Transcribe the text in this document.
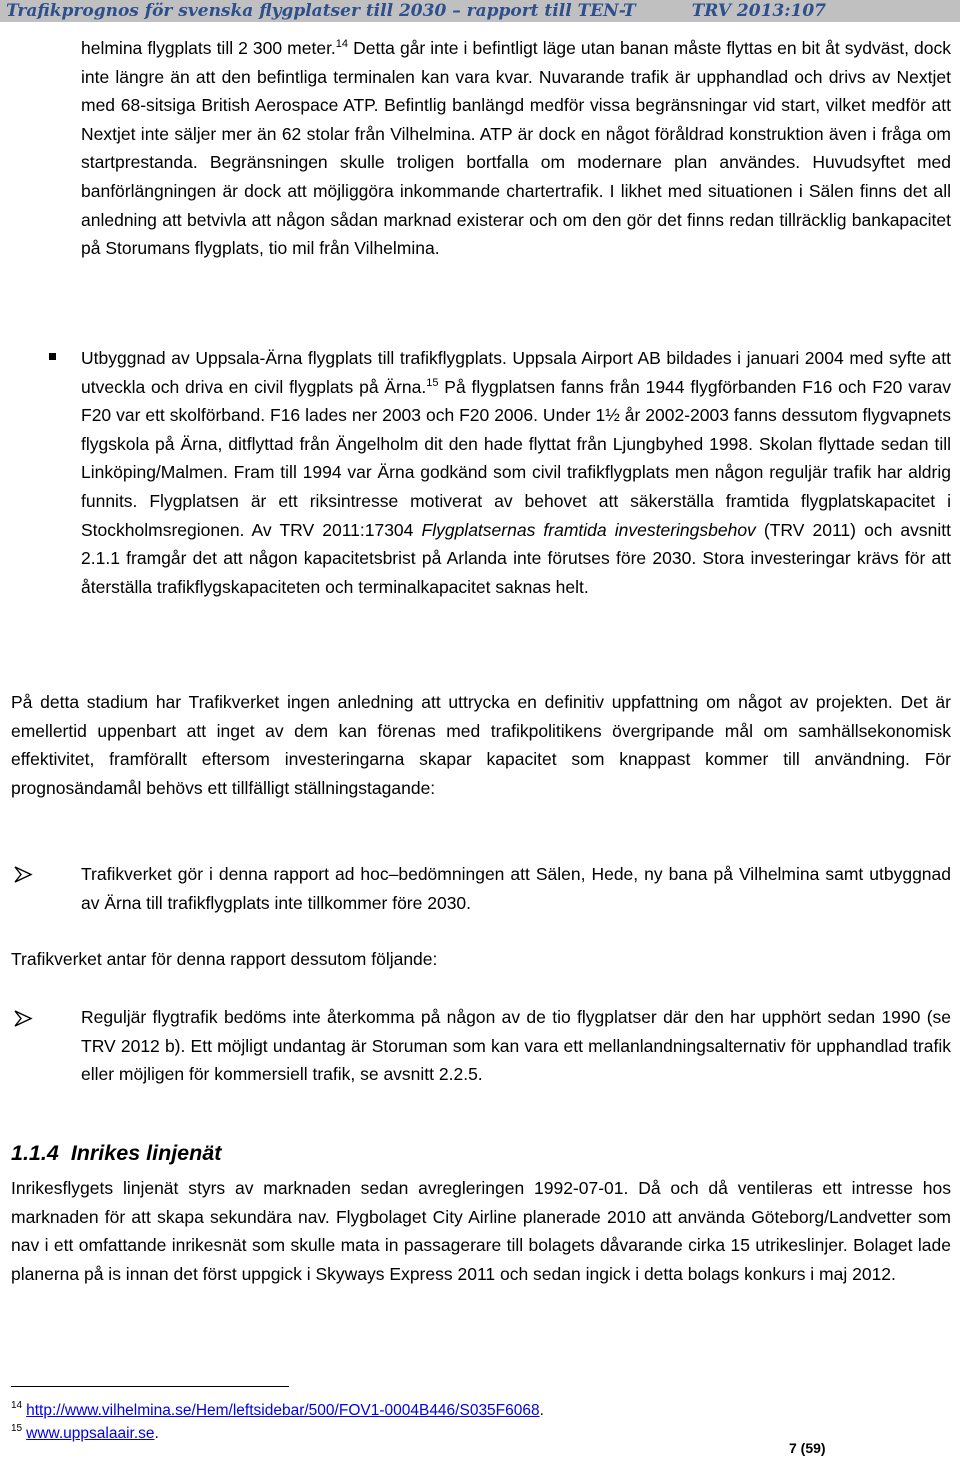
Trafikprognos för svenska flygplatser till 2030 – rapport till TEN-T	TRV 2013:107

helmina flygplats till 2 300 meter.$^{14}$ Detta går inte i befintligt läge utan banan måste flyttas en bit åt sydväst, dock inte längre än att den befintliga terminalen kan vara kvar. Nuvarande trafik är upphandlad och drivs av Nextjet med 68-sitsiga British Aerospace ATP. Befintlig banlängd medför vissa begränsningar vid start, vilket medför att Nextjet inte säljer mer än 62 stolar från Vilhelmina. ATP är dock en något föråldrad konstruktion även i fråga om startprestanda. Begränsningen skulle troligen bortfalla om modernare plan användes. Huvudsyftet med banförlängningen är dock att möjliggöra inkommande chartertrafik. I likhet med situationen i Sälen finns det all anledning att betvivla att någon sådan marknad existerar och om den gör det finns redan tillräcklig bankapacitet på Storumans flygplats, tio mil från Vilhelmina.

Utbyggnad av Uppsala-Ärna flygplats till trafikflygplats. Uppsala Airport AB bildades i januari 2004 med syfte att utveckla och driva en civil flygplats på Ärna.$^{15}$ På flygplatsen fanns från 1944 flygförbanden F16 och F20 varav F20 var ett skolförband. F16 lades ner 2003 och F20 2006. Under 1½ år 2002-2003 fanns dessutom flygvapnets flygskola på Ärna, ditflyttad från Ängelholm dit den hade flyttat från Ljungbyhed 1998. Skolan flyttade sedan till Linköping/Malmen. Fram till 1994 var Ärna godkänd som civil trafikflygplats men någon reguljär trafik har aldrig funnits. Flygplatsen är ett riksintresse motiverat av behovet att säkerställa framtida flygplatskapacitet i Stockholmsregionen. Av TRV 2011:17304 Flygplatsernas framtida investeringsbehov (TRV 2011) och avsnitt 2.1.1 framgår det att någon kapacitetsbrist på Arlanda inte förutses före 2030. Stora investeringar krävs för att återställa trafikflygskapaciteten och terminalkapacitet saknas helt.

På detta stadium har Trafikverket ingen anledning att uttrycka en definitiv uppfattning om något av projekten. Det är emellertid uppenbart att inget av dem kan förenas med trafikpolitikens övergripande mål om samhällsekonomisk effektivitet, framförallt eftersom investeringarna skapar kapacitet som knappast kommer till användning. För prognosändamål behövs ett tillfälligt ställningstagande:

Trafikverket gör i denna rapport ad hoc–bedömningen att Sälen, Hede, ny bana på Vilhelmina samt utbyggnad av Ärna till trafikflygplats inte tillkommer före 2030.

Trafikverket antar för denna rapport dessutom följande:

Reguljär flygtrafik bedöms inte återkomma på någon av de tio flygplatser där den har upphört sedan 1990 (se TRV 2012 b). Ett möjligt undantag är Storuman som kan vara ett mellanlandningsalternativ för upphandlad trafik eller möjligen för kommersiell trafik, se avsnitt 2.2.5.

1.1.4 Inrikes linjenät

Inrikesflygets linjenät styrs av marknaden sedan avregleringen 1992-07-01. Då och då ventileras ett intresse hos marknaden för att skapa sekundära nav. Flygbolaget City Airline planerade 2010 att använda Göteborg/Landvetter som nav i ett omfattande inrikesnät som skulle mata in passagerare till bolagets dåvarande cirka 15 utrikeslinjer. Bolaget lade planerna på is innan det först uppgick i Skyways Express 2011 och sedan ingick i detta bolags konkurs i maj 2012.

$^{14}$ http://www.vilhelmina.se/Hem/leftsidebar/500/FOV1-0004B446/S035F6068.
$^{15}$ www.uppsalaair.se.
7 (59)
